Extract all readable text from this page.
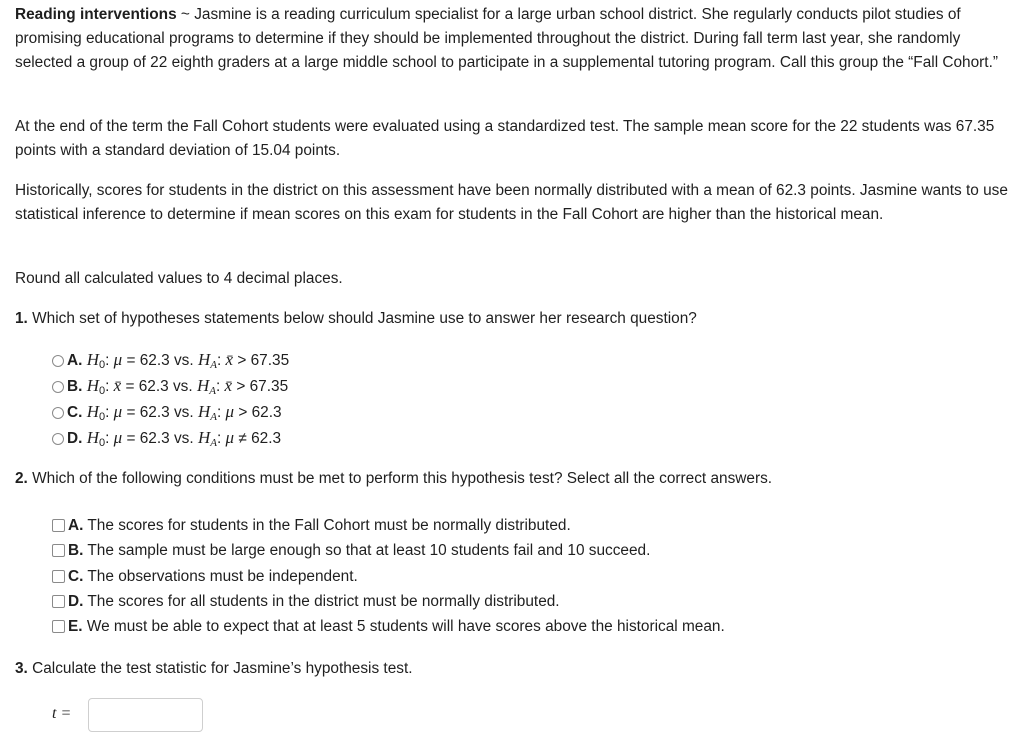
Reading interventions ~ Jasmine is a reading curriculum specialist for a large urban school district. She regularly conducts pilot studies of promising educational programs to determine if they should be implemented throughout the district. During fall term last year, she randomly selected a group of 22 eighth graders at a large middle school to participate in a supplemental tutoring program. Call this group the “Fall Cohort.”

At the end of the term the Fall Cohort students were evaluated using a standardized test. The sample mean score for the 22 students was 67.35 points with a standard deviation of 15.04 points.

Historically, scores for students in the district on this assessment have been normally distributed with a mean of 62.3 points. Jasmine wants to use statistical inference to determine if mean scores on this exam for students in the Fall Cohort are higher than the historical mean.

Round all calculated values to 4 decimal places.

1. Which set of hypotheses statements below should Jasmine use to answer her research question?

A. $H_0$: μ = 62.3 vs. HA: x̄ > 67.35
B. $H_0$: x̄ = 62.3 vs. HA: x̄ > 67.35
C. $H_0$: μ = 62.3 vs. HA: μ > 62.3
D. $H_0$: μ = 62.3 vs. HA: μ ≠ 62.3

2. Which of the following conditions must be met to perform this hypothesis test? Select all the correct answers.

A. The scores for students in the Fall Cohort must be normally distributed.
B. The sample must be large enough so that at least 10 students fail and 10 succeed.
C. The observations must be independent.
D. The scores for all students in the district must be normally distributed.
E. We must be able to expect that at least 5 students will have scores above the historical mean.

3. Calculate the test statistic for Jasmine’s hypothesis test.

t =
